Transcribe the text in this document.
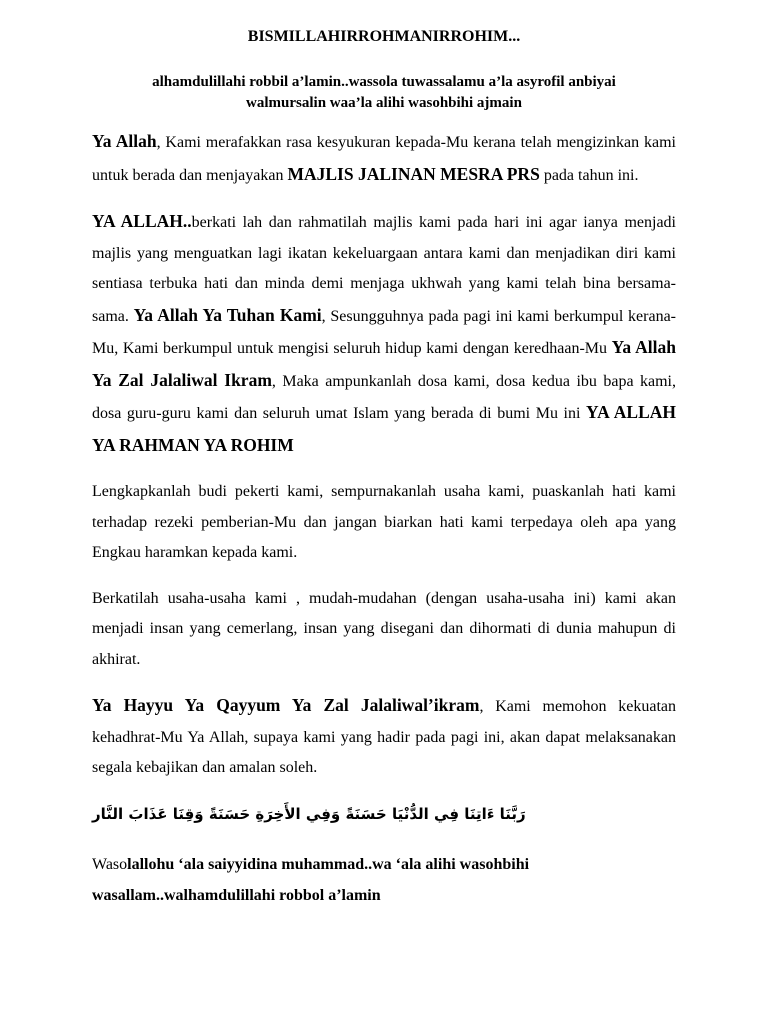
BISMILLAHIRROHMANIRROHIM...
alhamdulillahi robbil a’lamin..wassola tuwassalamu a’la asyrofil anbiyai
walmursalin waa’la alihi wasohbihi ajmain

Ya Allah, Kami merafakkan rasa kesyukuran kepada-Mu kerana telah mengizinkan kami untuk berada dan menjayakan MAJLIS JALINAN MESRA PRS pada tahun ini.

YA ALLAH..berkati lah dan rahmatilah majlis kami pada hari ini agar ianya menjadi majlis yang menguatkan lagi ikatan kekeluargaan antara kami dan menjadikan diri kami sentiasa terbuka hati dan minda demi menjaga ukhwah yang kami telah bina bersama-sama. Ya Allah Ya Tuhan Kami, Sesungguhnya pada pagi ini kami berkumpul kerana-Mu, Kami berkumpul untuk mengisi seluruh hidup kami dengan keredhaan-Mu Ya Allah Ya Zal Jalaliwal Ikram, Maka ampunkanlah dosa kami, dosa kedua ibu bapa kami, dosa guru-guru kami dan seluruh umat Islam yang berada di bumi Mu ini YA ALLAH YA RAHMAN YA ROHIM

Lengkapkanlah budi pekerti kami, sempurnakanlah usaha kami, puaskanlah hati kami terhadap rezeki pemberian-Mu dan jangan biarkan hati kami terpedaya oleh apa yang Engkau haramkan kepada kami.

Berkatilah usaha-usaha kami , mudah-mudahan (dengan usaha-usaha ini) kami akan menjadi insan yang cemerlang, insan yang disegani dan dihormati di dunia mahupun di akhirat.

Ya Hayyu Ya Qayyum Ya Zal Jalaliwal’ikram, Kami memohon kekuatan kehadhrat-Mu Ya Allah, supaya kami yang hadir pada pagi ini, akan dapat melaksanakan segala kebajikan dan amalan soleh.

رَبَّنَا ءَاتِنَا فِي الدُّنْيَا حَسَنَةً وَفِي الأَخِرَةِ حَسَنَةً وَقِنَا عَذَابَ النَّار

Wasolallohu ‘ala saiyyidina muhammad..wa ‘ala alihi wasohbihi
wasallam..walhamdulillahi robbol a’lamin
